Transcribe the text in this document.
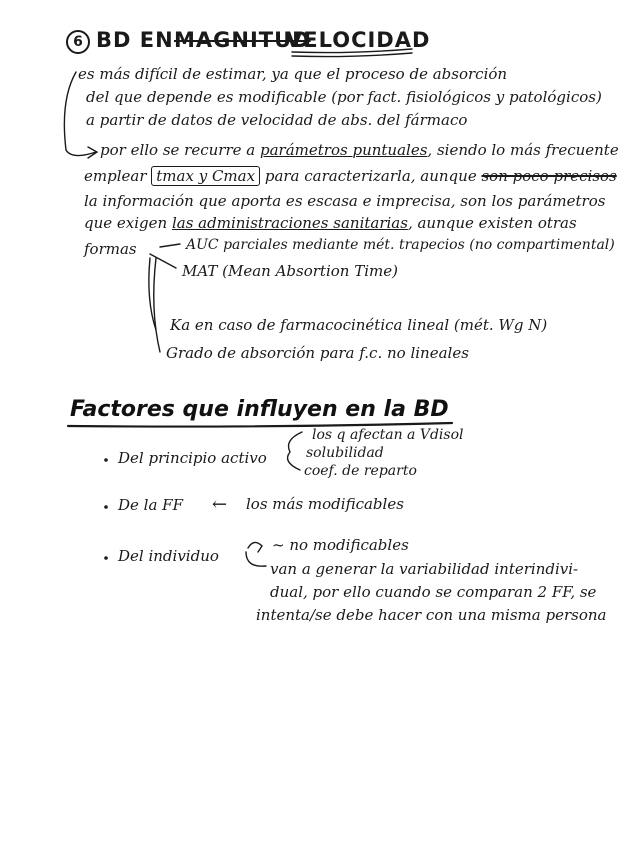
6 BD EN MAGNITUD
VELOCIDAD
es más difícil de estimar, ya que el proceso de absorción
del que depende es modificable (por fact. fisiológicos y patológicos)
a partir de datos de velocidad de abs. del fármaco
por ello se recurre a parámetros puntuales, siendo lo más frecuente
emplear tmax y Cmax para caracterizarla, aunque son poco precisos
la información que aporta es escasa e imprecisa, son los parámetros
que exigen las administraciones sanitarias, aunque existen otras
formas	AUC parciales mediante mét. trapecios (no compartimental)
MAT (Mean Absortion Time)
Ka en caso de farmacocinética lineal (mét. Wg N)
Grado de absorción para f.c. no lineales
Factores que influyen en la BD
Del principio activo
los q afectan a Vdisol
solubilidad
coef. de reparto
De la FF ← los más modificables
Del individuo
~ no modificables
van a generar la variabilidad interindivi-
dual, por ello cuando se comparan 2 FF, se
intenta/se debe hacer con una misma persona
